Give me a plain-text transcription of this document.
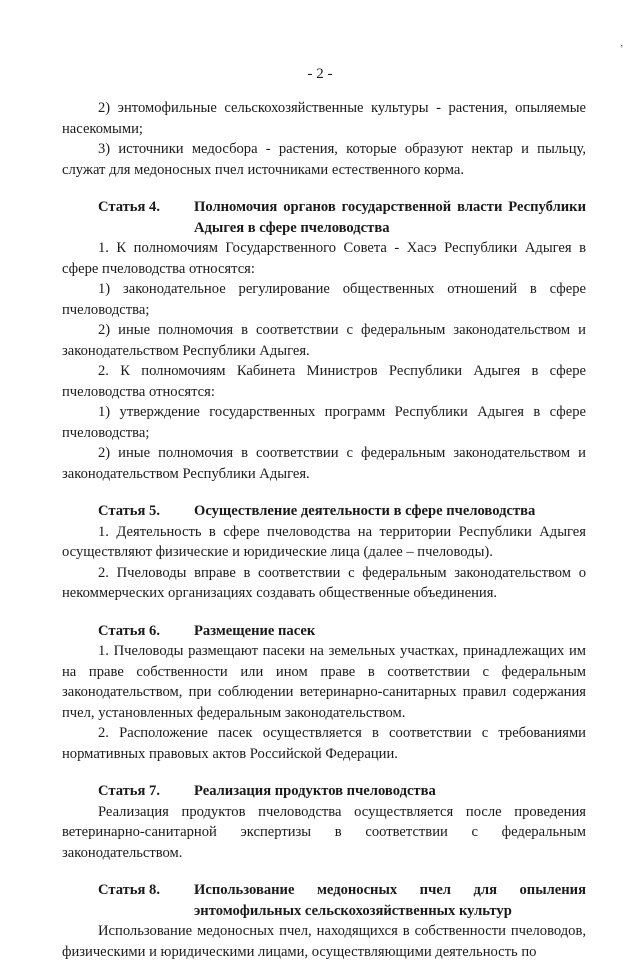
ʼ
- 2 -

2) энтомофильные сельскохозяйственные культуры - растения, опыляемые насекомыми;

3) источники медосбора - растения, которые образуют нектар и пыльцу, служат для медоносных пчел источниками естественного корма.

Статья 4.	Полномочия органов государственной власти Республики Адыгея в сфере пчеловодства

1. К полномочиям Государственного Совета - Хасэ Республики Адыгея в сфере пчеловодства относятся:

1) законодательное регулирование общественных отношений в сфере пчеловодства;

2) иные полномочия в соответствии с федеральным законодательством и законодательством Республики Адыгея.

2. К полномочиям Кабинета Министров Республики Адыгея в сфере пчеловодства относятся:

1) утверждение государственных программ Республики Адыгея в сфере пчеловодства;

2) иные полномочия в соответствии с федеральным законодательством и законодательством Республики Адыгея.

Статья 5.	Осуществление деятельности в сфере пчеловодства

1. Деятельность в сфере пчеловодства на территории Республики Адыгея осуществляют физические и юридические лица (далее – пчеловоды).

2. Пчеловоды вправе в соответствии с федеральным законодательством о некоммерческих организациях создавать общественные объединения.

Статья 6.	Размещение пасек

1. Пчеловоды размещают пасеки на земельных участках, принадлежащих им на праве собственности или ином праве в соответствии с федеральным законодательством, при соблюдении ветеринарно-санитарных правил содержания пчел, установленных федеральным законодательством.

2. Расположение пасек осуществляется в соответствии с требованиями нормативных правовых актов Российской Федерации.

Статья 7.	Реализация продуктов пчеловодства

Реализация продуктов пчеловодства осуществляется после проведения ветеринарно-санитарной экспертизы в соответствии с федеральным законодательством.

Статья 8.	Использование медоносных пчел для опыления энтомофильных сельскохозяйственных культур

Использование медоносных пчел, находящихся в собственности пчеловодов, физическими и юридическими лицами, осуществляющими деятельность по
